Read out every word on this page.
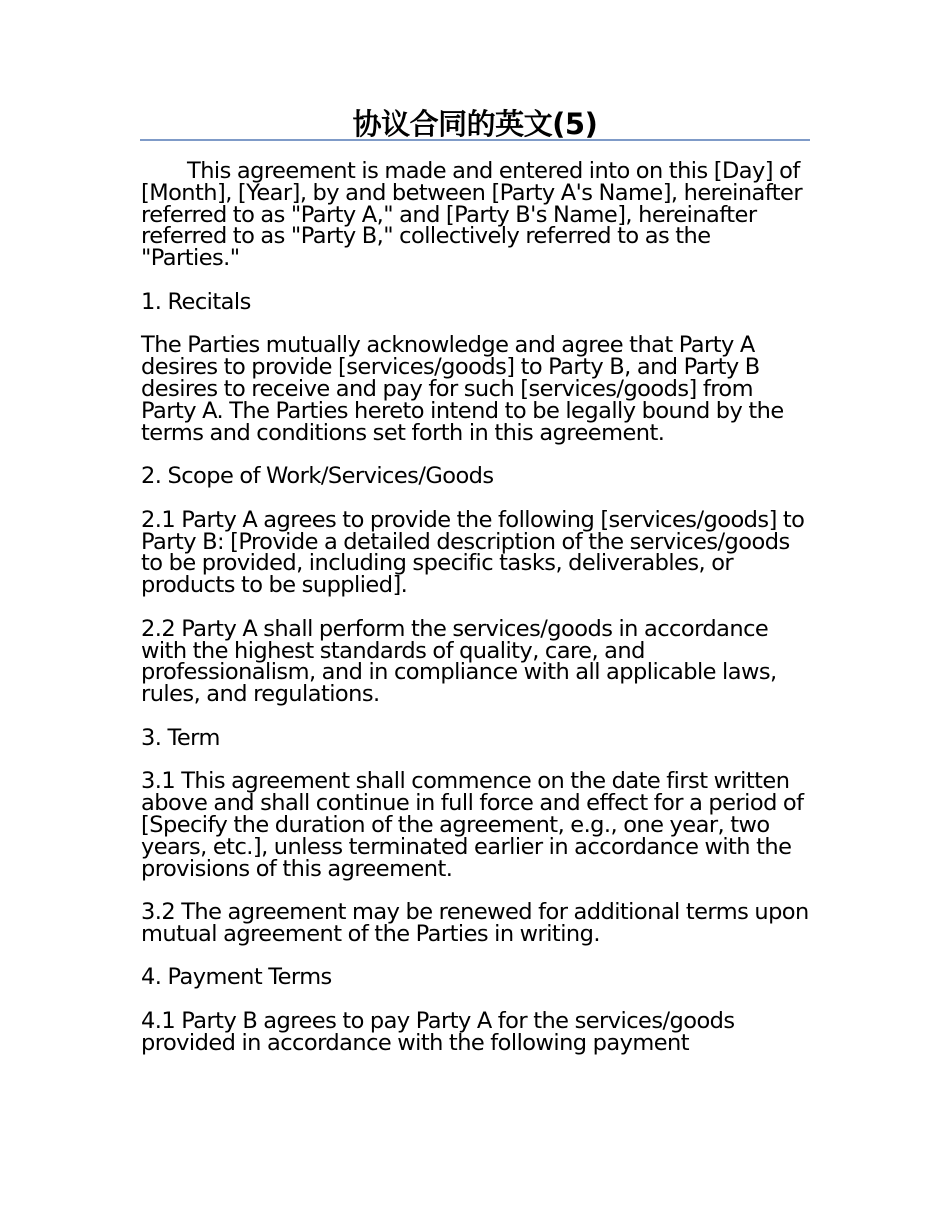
协议合同的英文(5)

This agreement is made and entered into on this [Day] of [Month], [Year], by and between [Party A's Name], hereinafter referred to as "Party A," and [Party B's Name], hereinafter referred to as "Party B," collectively referred to as the "Parties."

1. Recitals

The Parties mutually acknowledge and agree that Party A desires to provide [services/goods] to Party B, and Party B desires to receive and pay for such [services/goods] from Party A. The Parties hereto intend to be legally bound by the terms and conditions set forth in this agreement.

2. Scope of Work/Services/Goods

2.1 Party A agrees to provide the following [services/goods] to Party B: [Provide a detailed description of the services/goods to be provided, including specific tasks, deliverables, or products to be supplied].

2.2 Party A shall perform the services/goods in accordance with the highest standards of quality, care, and professionalism, and in compliance with all applicable laws, rules, and regulations.

3. Term

3.1 This agreement shall commence on the date first written above and shall continue in full force and effect for a period of [Specify the duration of the agreement, e.g., one year, two years, etc.], unless terminated earlier in accordance with the provisions of this agreement.

3.2 The agreement may be renewed for additional terms upon mutual agreement of the Parties in writing.

4. Payment Terms

4.1 Party B agrees to pay Party A for the services/goods provided in accordance with the following payment
